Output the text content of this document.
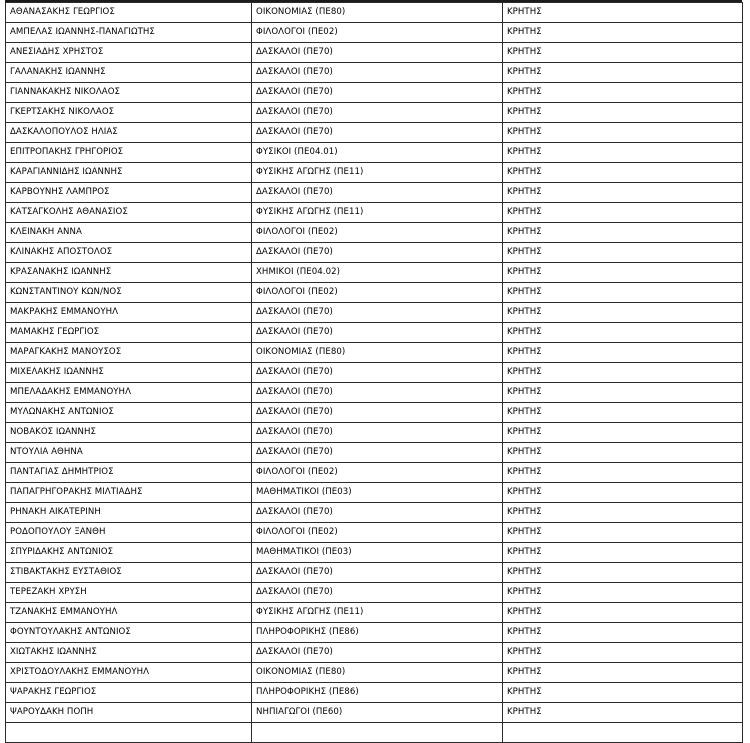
ΑΘΑΝΑΣΑΚΗΣ ΓΕΩΡΓΙΟΣ	ΟΙΚΟΝΟΜΙΑΣ (ΠΕ80)	ΚΡΗΤΗΣ
ΑΜΠΕΛΑΣ ΙΩΑΝΝΗΣ-ΠΑΝΑΓΙΩΤΗΣ	ΦΙΛΟΛΟΓΟΙ (ΠΕ02)	ΚΡΗΤΗΣ
ΑΝΕΣΙΑΔΗΣ ΧΡΗΣΤΟΣ	ΔΑΣΚΑΛΟΙ (ΠΕ70)	ΚΡΗΤΗΣ
ΓΑΛΑΝΑΚΗΣ ΙΩΑΝΝΗΣ	ΔΑΣΚΑΛΟΙ (ΠΕ70)	ΚΡΗΤΗΣ
ΓΙΑΝΝΑΚΑΚΗΣ ΝΙΚΟΛΑΟΣ	ΔΑΣΚΑΛΟΙ (ΠΕ70)	ΚΡΗΤΗΣ
ΓΚΕΡΤΣΑΚΗΣ ΝΙΚΟΛΑΟΣ	ΔΑΣΚΑΛΟΙ (ΠΕ70)	ΚΡΗΤΗΣ
ΔΑΣΚΑΛΟΠΟΥΛΟΣ ΗΛΙΑΣ	ΔΑΣΚΑΛΟΙ (ΠΕ70)	ΚΡΗΤΗΣ
ΕΠΙΤΡΟΠΑΚΗΣ ΓΡΗΓΟΡΙΟΣ	ΦΥΣΙΚΟΙ (ΠΕ04.01)	ΚΡΗΤΗΣ
ΚΑΡΑΓΙΑΝΝΙΔΗΣ ΙΩΑΝΝΗΣ	ΦΥΣΙΚΗΣ ΑΓΩΓΗΣ (ΠΕ11)	ΚΡΗΤΗΣ
ΚΑΡΒΟΥΝΗΣ ΛΑΜΠΡΟΣ	ΔΑΣΚΑΛΟΙ (ΠΕ70)	ΚΡΗΤΗΣ
ΚΑΤΣΑΓΚΟΛΗΣ ΑΘΑΝΑΣΙΟΣ	ΦΥΣΙΚΗΣ ΑΓΩΓΗΣ (ΠΕ11)	ΚΡΗΤΗΣ
ΚΛΕΙΝΑΚΗ ΑΝΝΑ	ΦΙΛΟΛΟΓΟΙ (ΠΕ02)	ΚΡΗΤΗΣ
ΚΛΙΝΑΚΗΣ ΑΠΟΣΤΟΛΟΣ	ΔΑΣΚΑΛΟΙ (ΠΕ70)	ΚΡΗΤΗΣ
ΚΡΑΣΑΝΑΚΗΣ ΙΩΑΝΝΗΣ	ΧΗΜΙΚΟΙ (ΠΕ04.02)	ΚΡΗΤΗΣ
ΚΩΝΣΤΑΝΤΙΝΟΥ ΚΩΝ/ΝΟΣ	ΦΙΛΟΛΟΓΟΙ (ΠΕ02)	ΚΡΗΤΗΣ
ΜΑΚΡΑΚΗΣ ΕΜΜΑΝΟΥΗΛ	ΔΑΣΚΑΛΟΙ (ΠΕ70)	ΚΡΗΤΗΣ
ΜΑΜΑΚΗΣ ΓΕΩΡΓΙΟΣ	ΔΑΣΚΑΛΟΙ (ΠΕ70)	ΚΡΗΤΗΣ
ΜΑΡΑΓΚΑΚΗΣ ΜΑΝΟΥΣΟΣ	ΟΙΚΟΝΟΜΙΑΣ (ΠΕ80)	ΚΡΗΤΗΣ
ΜΙΧΕΛΑΚΗΣ ΙΩΑΝΝΗΣ	ΔΑΣΚΑΛΟΙ (ΠΕ70)	ΚΡΗΤΗΣ
ΜΠΕΛΑΔΑΚΗΣ ΕΜΜΑΝΟΥΗΛ	ΔΑΣΚΑΛΟΙ (ΠΕ70)	ΚΡΗΤΗΣ
ΜΥΛΩΝΑΚΗΣ ΑΝΤΩΝΙΟΣ	ΔΑΣΚΑΛΟΙ (ΠΕ70)	ΚΡΗΤΗΣ
ΝΟΒΑΚΟΣ ΙΩΑΝΝΗΣ	ΔΑΣΚΑΛΟΙ (ΠΕ70)	ΚΡΗΤΗΣ
ΝΤΟΥΛΙΑ ΑΘΗΝΑ	ΔΑΣΚΑΛΟΙ (ΠΕ70)	ΚΡΗΤΗΣ
ΠΑΝΤΑΓΙΑΣ ΔΗΜΗΤΡΙΟΣ	ΦΙΛΟΛΟΓΟΙ (ΠΕ02)	ΚΡΗΤΗΣ
ΠΑΠΑΓΡΗΓΟΡΑΚΗΣ ΜΙΛΤΙΑΔΗΣ	ΜΑΘΗΜΑΤΙΚΟΙ (ΠΕ03)	ΚΡΗΤΗΣ
ΡΗΝΑΚΗ ΑΙΚΑΤΕΡΙΝΗ	ΔΑΣΚΑΛΟΙ (ΠΕ70)	ΚΡΗΤΗΣ
ΡΟΔΟΠΟΥΛΟΥ ΞΑΝΘΗ	ΦΙΛΟΛΟΓΟΙ (ΠΕ02)	ΚΡΗΤΗΣ
ΣΠΥΡΙΔΑΚΗΣ ΑΝΤΩΝΙΟΣ	ΜΑΘΗΜΑΤΙΚΟΙ (ΠΕ03)	ΚΡΗΤΗΣ
ΣΤΙΒΑΚΤΑΚΗΣ ΕΥΣΤΑΘΙΟΣ	ΔΑΣΚΑΛΟΙ (ΠΕ70)	ΚΡΗΤΗΣ
ΤΕΡΕΖΑΚΗ ΧΡΥΣΗ	ΔΑΣΚΑΛΟΙ (ΠΕ70)	ΚΡΗΤΗΣ
ΤΖΑΝΑΚΗΣ ΕΜΜΑΝΟΥΗΛ	ΦΥΣΙΚΗΣ ΑΓΩΓΗΣ (ΠΕ11)	ΚΡΗΤΗΣ
ΦΟΥΝΤΟΥΛΑΚΗΣ ΑΝΤΩΝΙΟΣ	ΠΛΗΡΟΦΟΡΙΚΗΣ (ΠΕ86)	ΚΡΗΤΗΣ
ΧΙΩΤΑΚΗΣ ΙΩΑΝΝΗΣ	ΔΑΣΚΑΛΟΙ (ΠΕ70)	ΚΡΗΤΗΣ
ΧΡΙΣΤΟΔΟΥΛΑΚΗΣ ΕΜΜΑΝΟΥΗΛ	ΟΙΚΟΝΟΜΙΑΣ (ΠΕ80)	ΚΡΗΤΗΣ
ΨΑΡΑΚΗΣ ΓΕΩΡΓΙΟΣ	ΠΛΗΡΟΦΟΡΙΚΗΣ (ΠΕ86)	ΚΡΗΤΗΣ
ΨΑΡΟΥΔΑΚΗ ΠΟΠΗ	ΝΗΠΙΑΓΩΓΟΙ (ΠΕ60)	ΚΡΗΤΗΣ
